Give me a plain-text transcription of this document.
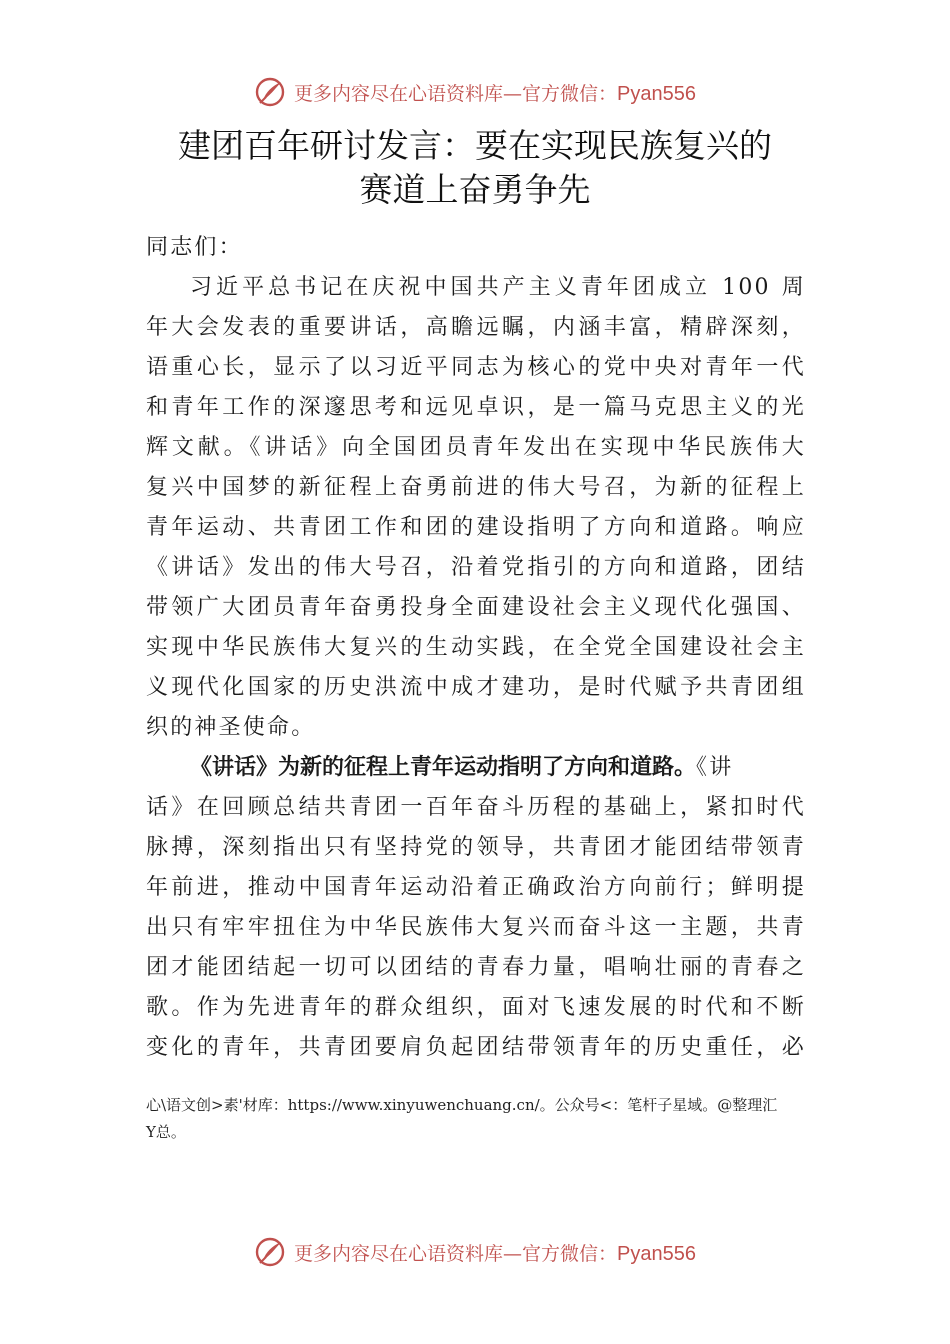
更多内容尽在心语资料库—官方微信：Pyan556
建团百年研讨发言：要在实现民族复兴的
赛道上奋勇争先
同志们：
习近平总书记在庆祝中国共产主义青年团成立 100 周
年大会发表的重要讲话，高瞻远瞩，内涵丰富，精辟深刻，
语重心长，显示了以习近平同志为核心的党中央对青年一代
和青年工作的深邃思考和远见卓识，是一篇马克思主义的光
辉文献。《讲话》向全国团员青年发出在实现中华民族伟大
复兴中国梦的新征程上奋勇前进的伟大号召，为新的征程上
青年运动、共青团工作和团的建设指明了方向和道路。响应
《讲话》发出的伟大号召，沿着党指引的方向和道路，团结
带领广大团员青年奋勇投身全面建设社会主义现代化强国、
实现中华民族伟大复兴的生动实践，在全党全国建设社会主
义现代化国家的历史洪流中成才建功，是时代赋予共青团组
织的神圣使命。
《讲话》为新的征程上青年运动指明了方向和道路。《讲
话》在回顾总结共青团一百年奋斗历程的基础上，紧扣时代
脉搏，深刻指出只有坚持党的领导，共青团才能团结带领青
年前进，推动中国青年运动沿着正确政治方向前行；鲜明提
出只有牢牢扭住为中华民族伟大复兴而奋斗这一主题，共青
团才能团结起一切可以团结的青春力量，唱响壮丽的青春之
歌。作为先进青年的群众组织，面对飞速发展的时代和不断
变化的青年，共青团要肩负起团结带领青年的历史重任，必
心\语文创>素'材库：https://www.xinyuwenchuang.cn/。公众号<：笔杆子星域。@整理汇
Y总。
更多内容尽在心语资料库—官方微信：Pyan556
